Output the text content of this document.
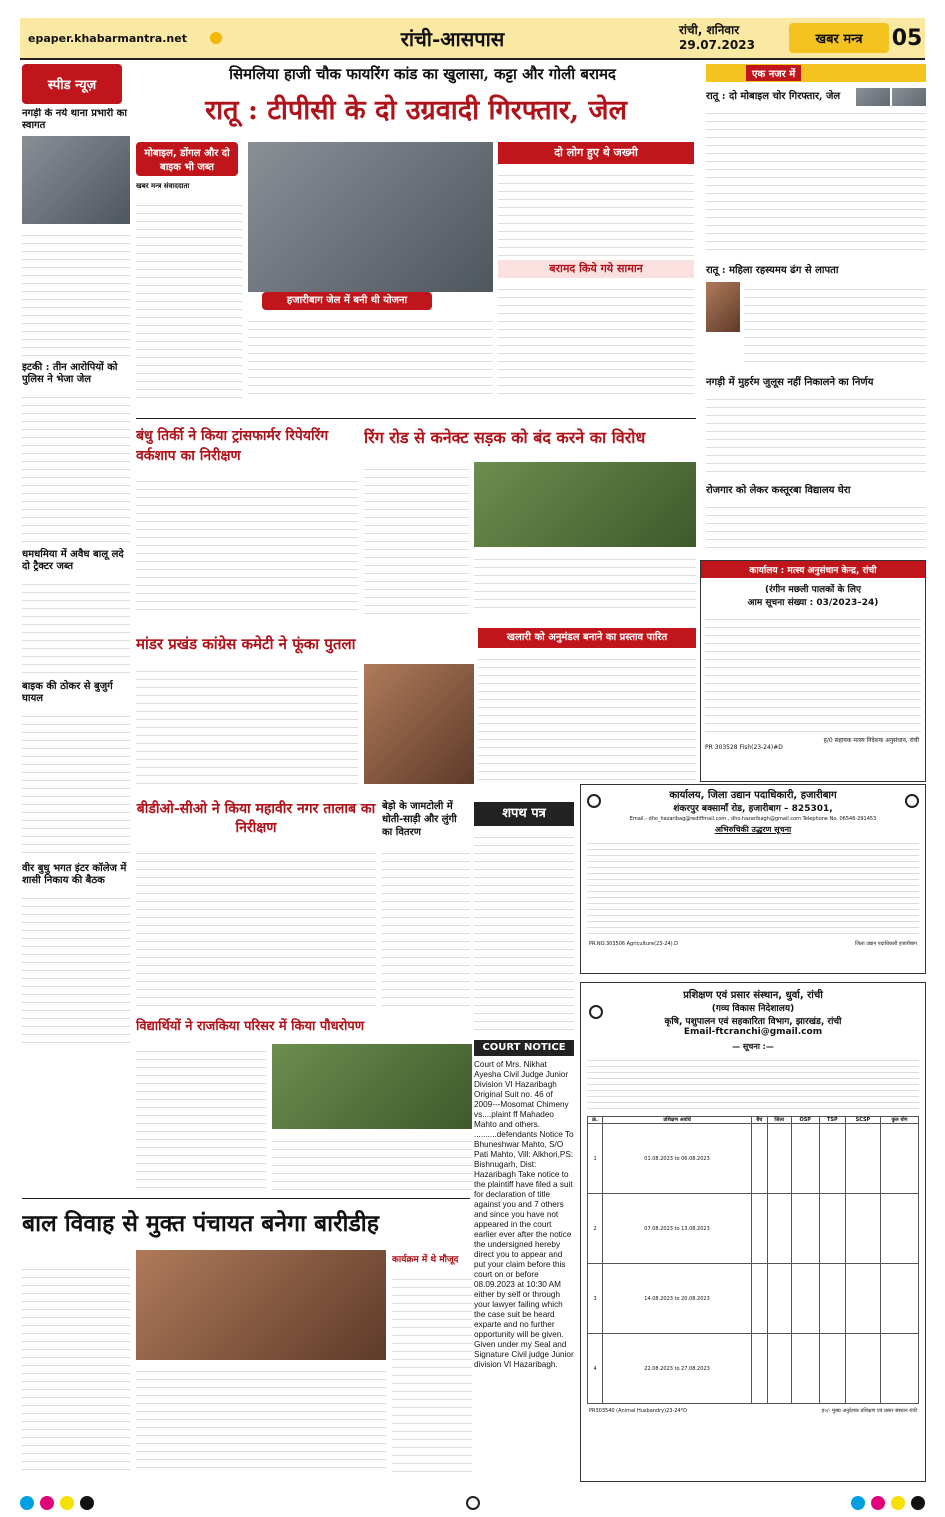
epaper.khabarmantra.net	रांची-आसपास	रांची, शनिवार
29.07.2023	खबर मन्त्र	05
स्पीड न्यूज़
नगड़ी के नये थाना प्रभारी का स्वागत
इटकी : तीन आरोपियों को पुलिस ने भेजा जेल
धमधमिया में अवैध बालू लदे दो ट्रैक्टर जब्त
बाइक की ठोकर से बुजुर्ग घायल
वीर बुधु भगत इंटर कॉलेज में शासी निकाय की बैठक
सिमलिया हाजी चौक फायरिंग कांड का खुलासा, कट्टा और गोली बरामद
रातू : टीपीसी के दो उग्रवादी गिरफ्तार, जेल
मोबाइल, डोंगल और दो बाइक भी जब्त
खबर मन्त्र संवाददाता
हजारीबाग जेल में बनी थी योजना
दो लोग हुए थे जख्मी
बरामद किये गये सामान
बंधु तिर्की ने किया ट्रांसफार्मर रिपेयरिंग वर्कशाप का निरीक्षण
रिंग रोड से कनेक्ट सड़क को बंद करने का विरोध
मांडर प्रखंड कांग्रेस कमेटी ने फूंका पुतला	खलारी को अनुमंडल बनाने का प्रस्ताव पारित
बीडीओ-सीओ ने किया महावीर नगर तालाब का निरीक्षण
बेड़ो के जामटोली में धोती-साड़ी और लुंगी का वितरण
शपथ पत्र
COURT NOTICE
Court of Mrs. Nikhat Ayesha Civil Judge Junior Division VI Hazaribagh Original Suit no. 46 of 2009---Mosomat Chimeny vs....plaint ff Mahadeo Mahto and others. ..........defendants Notice To Bhuneshwar Mahto, S/O Pati Mahto, Vill: Alkhori,PS: Bishnugarh, Dist: Hazaribagh Take notice to the plaintiff have filed a suit for declaration of title against you and 7 others and since you have not appeared in the court earlier ever after the notice the undersigned hereby direct you to appear and put your claim before this court on or before 08.09.2023 at 10:30 AM either by self or through your lawyer failing which the case suit be heard exparte and no further opportunity will be given. Given under my Seal and Signature Civil judge Junior division VI Hazaribagh.
विद्यार्थियों ने राजकिया परिसर में किया पौधरोपण
बाल विवाह से मुक्त पंचायत बनेगा बारीडीह
कार्यक्रम में थे मौजूद
एक नजर में
रातू : दो मोबाइल चोर गिरफ्तार, जेल
रातू : महिला रहस्यमय ढंग से लापता
नगड़ी में मुहर्रम जुलूस नहीं निकालने का निर्णय
रोजगार को लेकर कस्तूरबा विद्यालय घेरा
कार्यालय : मत्स्य अनुसंधान केन्द्र, रांची
(रंगीन मछली पालकों के लिए
आम सूचना संख्या : 03/2023–24)
ह/0 सहायक मत्स्य निदेशक अनुसंधान, रांची
PR 303528 Fish(23-24)#D
कार्यालय, जिला उद्यान पदाधिकारी, हजारीबाग
शंकरपुर बक्सामाँ रोड, हजारीबाग – 825301,
Email.- dho_hazaribag@rediffmail.com , dho.hazaribagh@gmail.com Telephone No. 06546-291453
अभिरुचिकी उद्धरण सूचना
PR.NO.303506 Agriculture(23-24).D	जिला उद्यान पदाधिकारी हजारीबाग
प्रशिक्षण एवं प्रसार संस्थान, धुर्वा, रांची
(गव्य विकास निदेशालय)
कृषि, पशुपालन एवं सहकारिता विभाग, झारखंड, रांची
Email-ftcranchi@gmail.com
— सूचना :—
क्र.	प्रशिक्षण अवधि	बैच	जिला	OSP	TSP	SCSP	कुल योग
1	01.08.2023 to 06.08.2023						
2	07.08.2023 to 13.08.2023						
3	14.08.2023 to 20.08.2023						
4	22.08.2023 to 27.08.2023						
PR303540 (Animal Husbandry)23-24*D	ह०/- मुख्य अनुदेशक प्रशिक्षण एवं प्रसार संस्थान रांची
